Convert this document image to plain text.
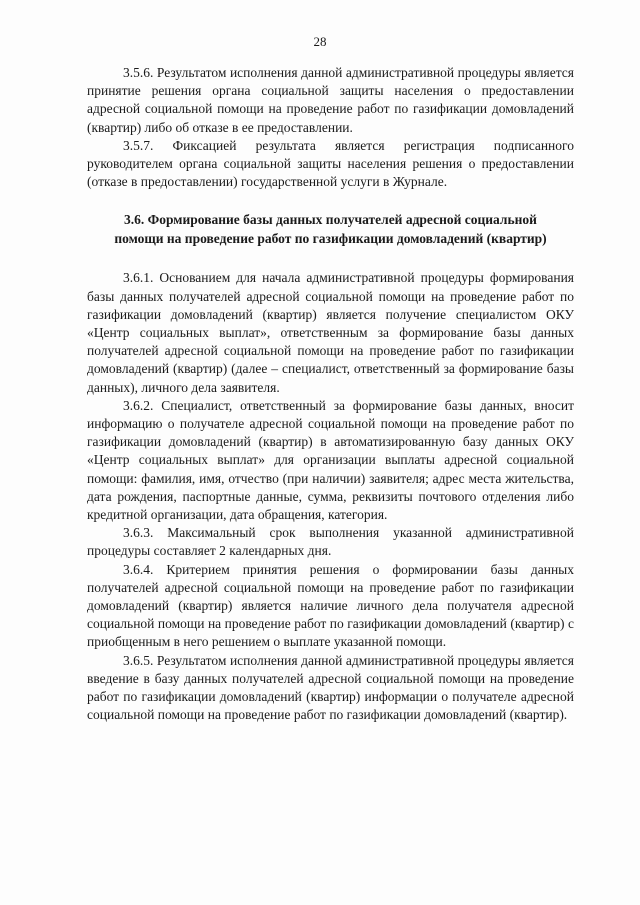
28

3.5.6. Результатом исполнения данной административной процедуры является принятие решения органа социальной защиты населения о предоставлении адресной социальной помощи на проведение работ по газификации домовладений (квартир) либо об отказе в ее предоставлении.

3.5.7. Фиксацией результата является регистрация подписанного руководителем органа социальной защиты населения решения о предоставлении (отказе в предоставлении) государственной услуги в Журнале.

3.6. Формирование базы данных получателей адресной социальной помощи на проведение работ по газификации домовладений (квартир)

3.6.1. Основанием для начала административной процедуры формирования базы данных получателей адресной социальной помощи на проведение работ по газификации домовладений (квартир) является получение специалистом ОКУ «Центр социальных выплат», ответственным за формирование базы данных получателей адресной социальной помощи на проведение работ по газификации домовладений (квартир) (далее – специалист, ответственный за формирование базы данных), личного дела заявителя.

3.6.2. Специалист, ответственный за формирование базы данных, вносит информацию о получателе адресной социальной помощи на проведение работ по газификации домовладений (квартир) в автоматизированную базу данных ОКУ «Центр социальных выплат» для организации выплаты адресной социальной помощи: фамилия, имя, отчество (при наличии) заявителя; адрес места жительства, дата рождения, паспортные данные, сумма, реквизиты почтового отделения либо кредитной организации, дата обращения, категория.

3.6.3. Максимальный срок выполнения указанной административной процедуры составляет 2 календарных дня.

3.6.4. Критерием принятия решения о формировании базы данных получателей адресной социальной помощи на проведение работ по газификации домовладений (квартир) является наличие личного дела получателя адресной социальной помощи на проведение работ по газификации домовладений (квартир) с приобщенным в него решением о выплате указанной помощи.

3.6.5. Результатом исполнения данной административной процедуры является введение в базу данных получателей адресной социальной помощи на проведение работ по газификации домовладений (квартир) информации о получателе адресной социальной помощи на проведение работ по газификации домовладений (квартир).
